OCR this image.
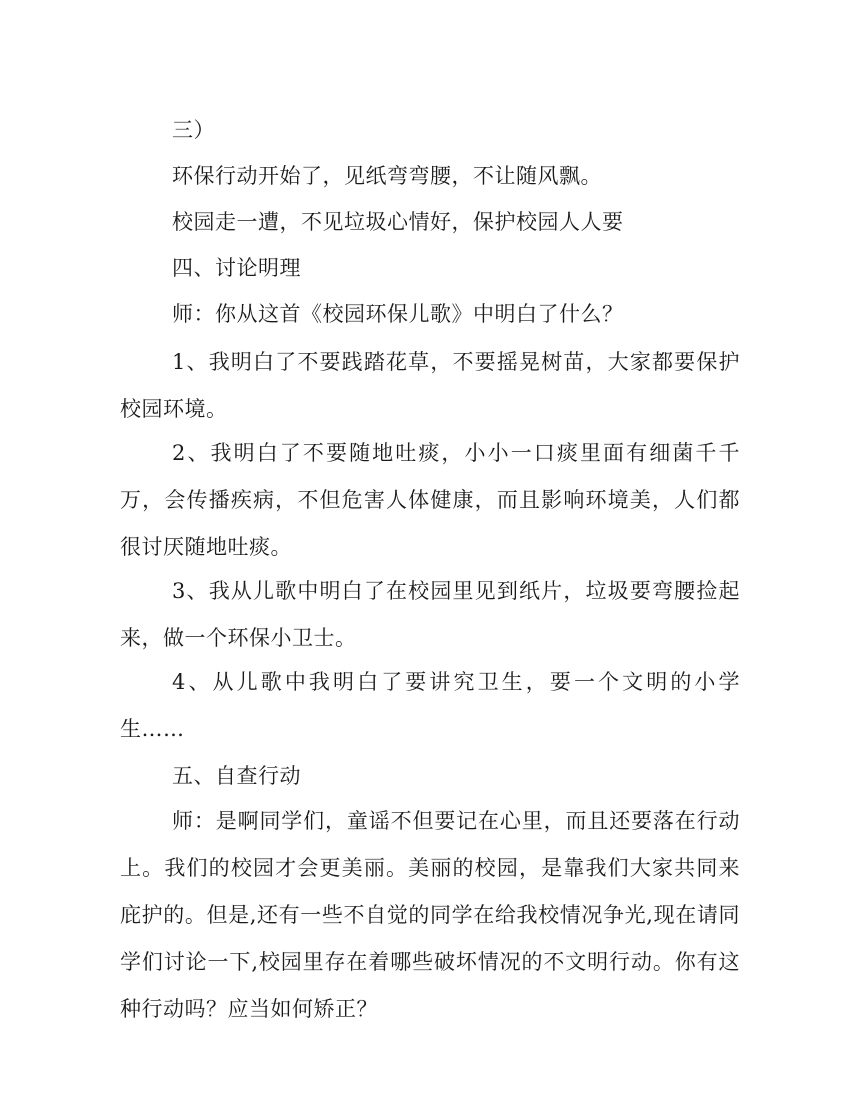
三）

环保行动开始了，见纸弯弯腰，不让随风飘。

校园走一遭，不见垃圾心情好，保护校园人人要

四、讨论明理

师：你从这首《校园环保儿歌》中明白了什么？

1、我明白了不要践踏花草，不要摇晃树苗，大家都要保护校园环境。

2、我明白了不要随地吐痰，小小一口痰里面有细菌千千万，会传播疾病，不但危害人体健康，而且影响环境美，人们都很讨厌随地吐痰。

3、我从儿歌中明白了在校园里见到纸片，垃圾要弯腰捡起来，做一个环保小卫士。

4、从儿歌中我明白了要讲究卫生，要一个文明的小学生……

五、自查行动

师：是啊同学们，童谣不但要记在心里，而且还要落在行动上。我们的校园才会更美丽。美丽的校园，是靠我们大家共同来庇护的。但是,还有一些不自觉的同学在给我校情况争光,现在请同学们讨论一下,校园里存在着哪些破坏情况的不文明行动。你有这种行动吗？应当如何矫正？
